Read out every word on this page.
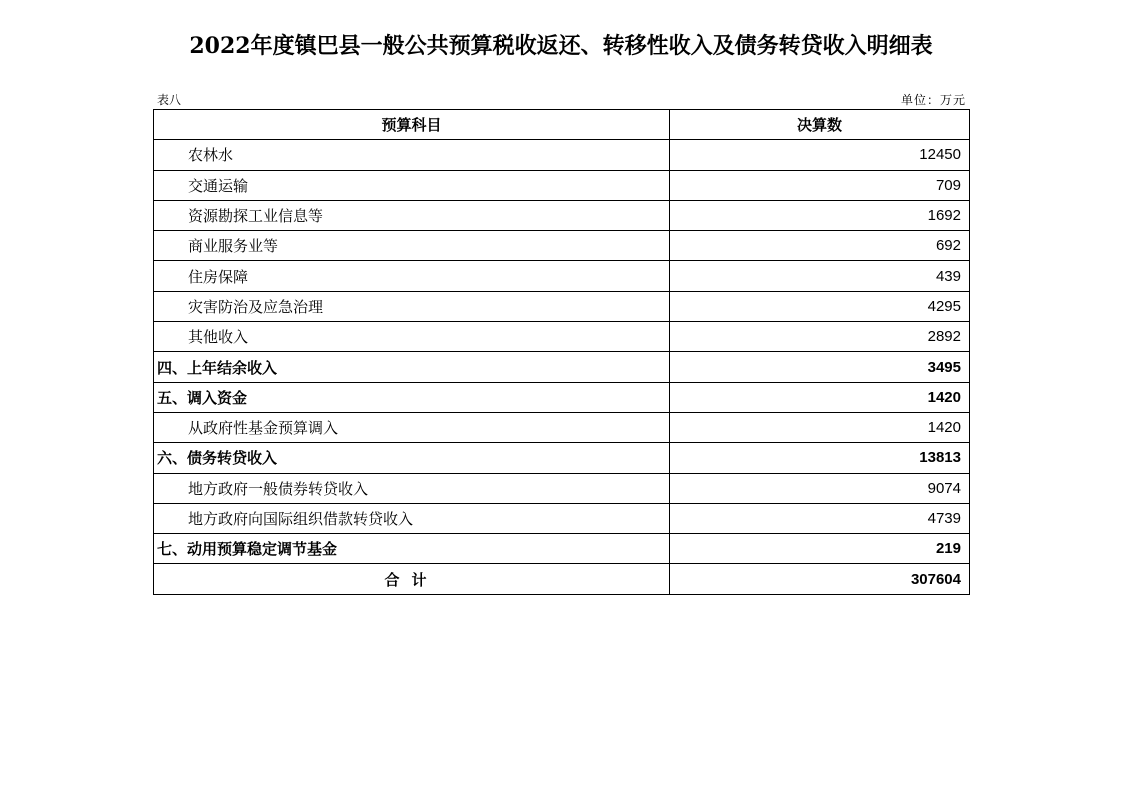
2022年度镇巴县一般公共预算税收返还、转移性收入及债务转贷收入明细表
表八	单位：万元
预算科目	决算数
农林水	12450
交通运输	709
资源勘探工业信息等	1692
商业服务业等	692
住房保障	439
灾害防治及应急治理	4295
其他收入	2892
四、上年结余收入	3495
五、调入资金	1420
从政府性基金预算调入	1420
六、债务转贷收入	13813
地方政府一般债券转贷收入	9074
地方政府向国际组织借款转贷收入	4739
七、动用预算稳定调节基金	219
合计	307604
